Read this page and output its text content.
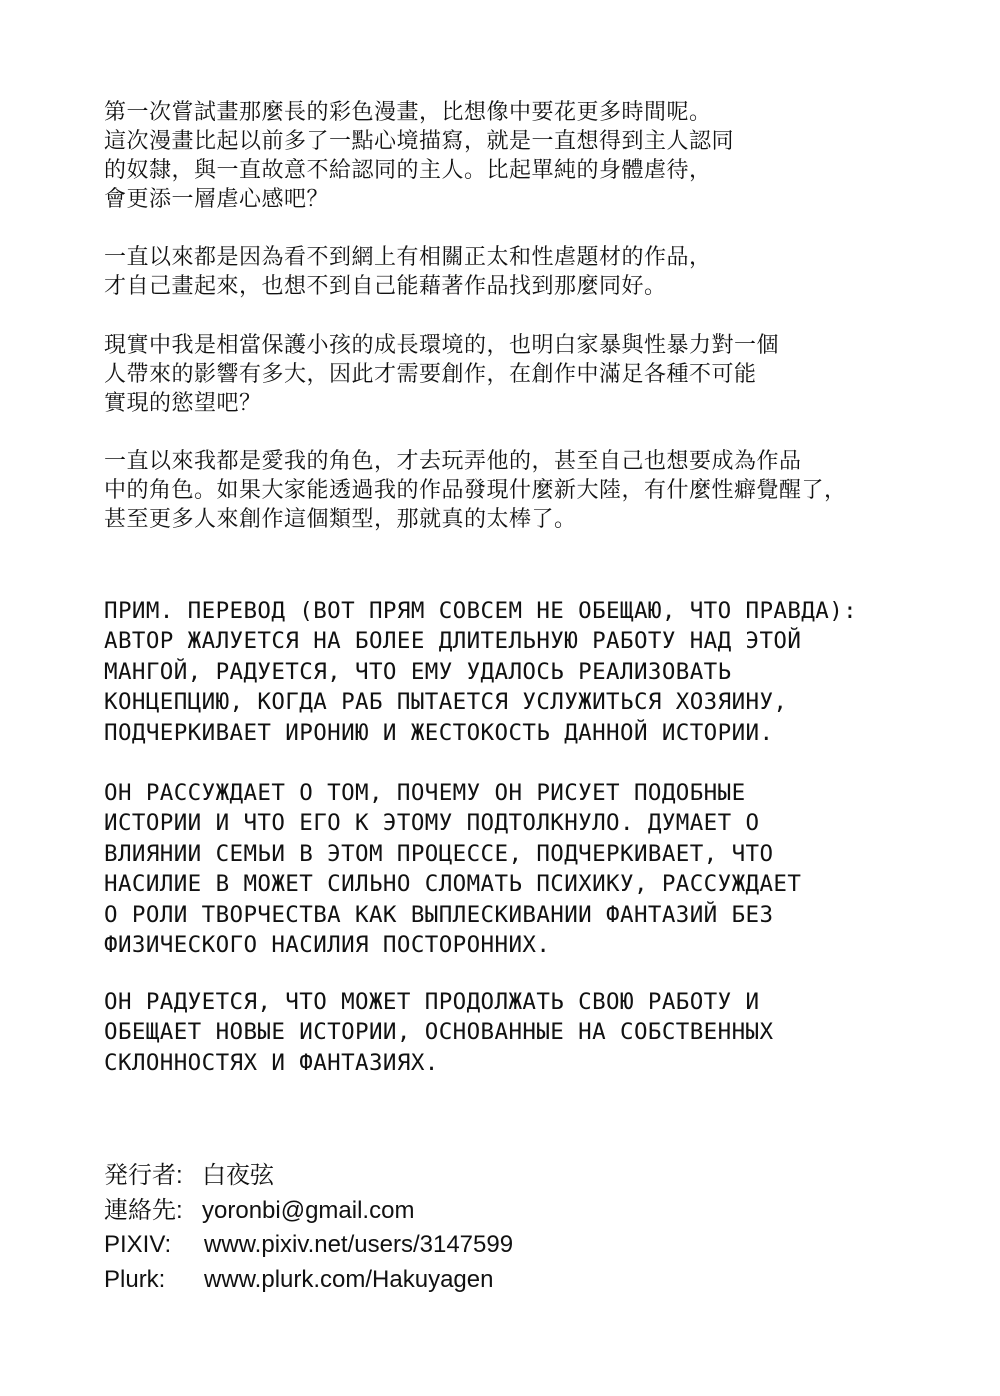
第一次嘗試畫那麼長的彩色漫畫，比想像中要花更多時間呢。
這次漫畫比起以前多了一點心境描寫，就是一直想得到主人認同
的奴隸，與一直故意不給認同的主人。比起單純的身體虐待，
會更添一層虐心感吧？
一直以來都是因為看不到網上有相關正太和性虐題材的作品，
才自己畫起來，也想不到自己能藉著作品找到那麼同好。
現實中我是相當保護小孩的成長環境的，也明白家暴與性暴力對一個
人帶來的影響有多大，因此才需要創作，在創作中滿足各種不可能
實現的慾望吧？
一直以來我都是愛我的角色，才去玩弄他的，甚至自己也想要成為作品
中的角色。如果大家能透過我的作品發現什麼新大陸，有什麼性癖覺醒了，
甚至更多人來創作這個類型，那就真的太棒了。
ПРИМ. ПЕРЕВОД (ВОТ ПРЯМ СОВСЕМ НЕ ОБЕЩАЮ, ЧТО ПРАВДА):
АВТОР ЖАЛУЕТСЯ НА БОЛЕЕ ДЛИТЕЛЬНУЮ РАБОТУ НАД ЭТОЙ
МАНГОЙ, РАДУЕТСЯ, ЧТО ЕМУ УДАЛОСЬ РЕАЛИЗОВАТЬ
КОНЦЕПЦИЮ, КОГДА РАБ ПЫТАЕТСЯ УСЛУЖИТЬСЯ ХОЗЯИНУ,
ПОДЧЕРКИВАЕТ ИРОНИЮ И ЖЕСТОКОСТЬ ДАННОЙ ИСТОРИИ.
ОН РАССУЖДАЕТ О ТОМ, ПОЧЕМУ ОН РИСУЕТ ПОДОБНЫЕ
ИСТОРИИ И ЧТО ЕГО К ЭТОМУ ПОДТОЛКНУЛО. ДУМАЕТ О
ВЛИЯНИИ СЕМЬИ В ЭТОМ ПРОЦЕССЕ, ПОДЧЕРКИВАЕТ, ЧТО
НАСИЛИЕ В МОЖЕТ СИЛЬНО СЛОМАТЬ ПСИХИКУ, РАССУЖДАЕТ
О РОЛИ ТВОРЧЕСТВА КАК ВЫПЛЕСКИВАНИИ ФАНТАЗИЙ БЕЗ
ФИЗИЧЕСКОГО НАСИЛИЯ ПОСТОРОННИХ.
ОН РАДУЕТСЯ, ЧТО МОЖЕТ ПРОДОЛЖАТЬ СВОЮ РАБОТУ И
ОБЕЩАЕТ НОВЫЕ ИСТОРИИ, ОСНОВАННЫЕ НА СОБСТВЕННЫХ
СКЛОННОСТЯХ И ФАНТАЗИЯХ.
発行者: 白夜弦
連絡先: yoronbi@gmail.com
PIXIV: www.pixiv.net/users/3147599
Plurk: www.plurk.com/Hakuyagen
